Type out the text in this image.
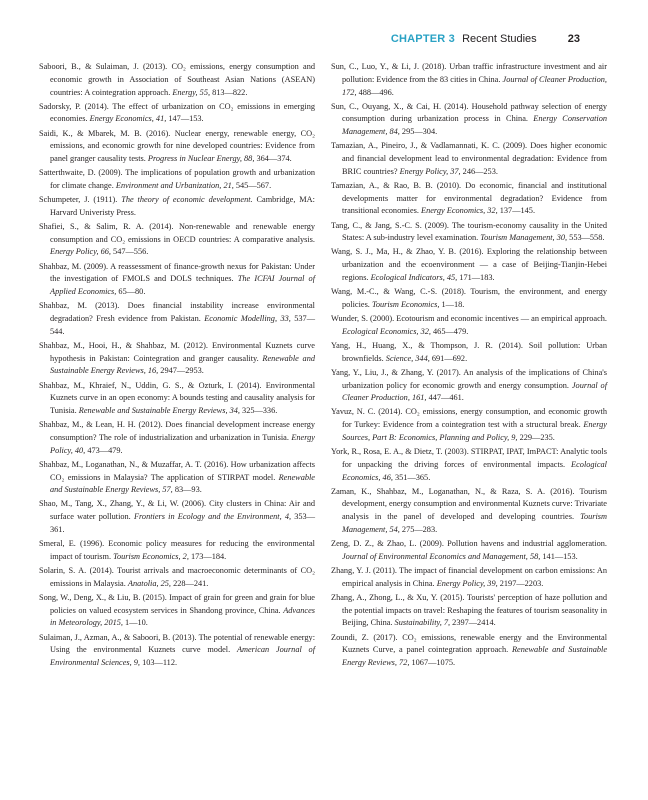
CHAPTER 3 Recent Studies	23

Saboori, B., & Sulaiman, J. (2013). CO₂ emissions, energy consumption and economic growth in Association of Southeast Asian Nations (ASEAN) countries: A cointegration approach. Energy, 55, 813—822.

Sadorsky, P. (2014). The effect of urbanization on CO₂ emissions in emerging economies. Energy Economics, 41, 147—153.

Saidi, K., & Mbarek, M. B. (2016). Nuclear energy, renewable energy, CO₂ emissions, and economic growth for nine developed countries: Evidence from panel granger causality tests. Progress in Nuclear Energy, 88, 364—374.

Satterthwaite, D. (2009). The implications of population growth and urbanization for climate change. Environment and Urbanization, 21, 545—567.

Schumpeter, J. (1911). The theory of economic development. Cambridge, MA: Harvard Univeristy Press.

Shafiei, S., & Salim, R. A. (2014). Non-renewable and renewable energy consumption and CO₂ emissions in OECD countries: A comparative analysis. Energy Policy, 66, 547—556.

Shahbaz, M. (2009). A reassessment of finance-growth nexus for Pakistan: Under the investigation of FMOLS and DOLS techniques. The ICFAI Journal of Applied Economics, 65—80.

Shahbaz, M. (2013). Does financial instability increase environmental degradation? Fresh evidence from Pakistan. Economic Modelling, 33, 537—544.

Shahbaz, M., Hooi, H., & Shahbaz, M. (2012). Environmental Kuznets curve hypothesis in Pakistan: Cointegration and granger causality. Renewable and Sustainable Energy Reviews, 16, 2947—2953.

Shahbaz, M., Khraief, N., Uddin, G. S., & Ozturk, I. (2014). Environmental Kuznets curve in an open economy: A bounds testing and causality analysis for Tunisia. Renewable and Sustainable Energy Reviews, 34, 325—336.

Shahbaz, M., & Lean, H. H. (2012). Does financial development increase energy consumption? The role of industrialization and urbanization in Tunisia. Energy Policy, 40, 473—479.

Shahbaz, M., Loganathan, N., & Muzaffar, A. T. (2016). How urbanization affects CO₂ emissions in Malaysia? The application of STIRPAT model. Renewable and Sustainable Energy Reviews, 57, 83—93.

Shao, M., Tang, X., Zhang, Y., & Li, W. (2006). City clusters in China: Air and surface water pollution. Frontiers in Ecology and the Environment, 4, 353—361.

Smeral, E. (1996). Economic policy measures for reducing the environmental impact of tourism. Tourism Economics, 2, 173—184.

Solarin, S. A. (2014). Tourist arrivals and macroeconomic determinants of CO₂ emissions in Malaysia. Anatolia, 25, 228—241.

Song, W., Deng, X., & Liu, B. (2015). Impact of grain for green and grain for blue policies on valued ecosystem services in Shandong province, China. Advances in Meteorology, 2015, 1—10.

Sulaiman, J., Azman, A., & Saboori, B. (2013). The potential of renewable energy: Using the environmental Kuznets curve model. American Journal of Environmental Sciences, 9, 103—112.

Sun, C., Luo, Y., & Li, J. (2018). Urban traffic infrastructure investment and air pollution: Evidence from the 83 cities in China. Journal of Cleaner Production, 172, 488—496.

Sun, C., Ouyang, X., & Cai, H. (2014). Household pathway selection of energy consumption during urbanization process in China. Energy Conservation Management, 84, 295—304.

Tamazian, A., Pineiro, J., & Vadlamannati, K. C. (2009). Does higher economic and financial development lead to environmental degradation: Evidence from BRIC countries? Energy Policy, 37, 246—253.

Tamazian, A., & Rao, B. B. (2010). Do economic, financial and institutional developments matter for environmental degradation? Evidence from transitional economies. Energy Economics, 32, 137—145.

Tang, C., & Jang, S.-C. S. (2009). The tourism-economy causality in the United States: A sub-industry level examination. Tourism Management, 30, 553—558.

Wang, S. J., Ma, H., & Zhao, Y. B. (2016). Exploring the relationship between urbanization and the ecoenvironment — a case of Beijing-Tianjin-Hebei regions. Ecological Indicators, 45, 171—183.

Wang, M.-C., & Wang, C.-S. (2018). Tourism, the environment, and energy policies. Tourism Economics, 1—18.

Wunder, S. (2000). Ecotourism and economic incentives — an empirical approach. Ecological Economics, 32, 465—479.

Yang, H., Huang, X., & Thompson, J. R. (2014). Soil pollution: Urban brownfields. Science, 344, 691—692.

Yang, Y., Liu, J., & Zhang, Y. (2017). An analysis of the implications of China's urbanization policy for economic growth and energy consumption. Journal of Cleaner Production, 161, 447—461.

Yavuz, N. C. (2014). CO₂ emissions, energy consumption, and economic growth for Turkey: Evidence from a cointegration test with a structural break. Energy Sources, Part B: Economics, Planning and Policy, 9, 229—235.

York, R., Rosa, E. A., & Dietz, T. (2003). STIRPAT, IPAT, ImPACT: Analytic tools for unpacking the driving forces of environmental impacts. Ecological Economics, 46, 351—365.

Zaman, K., Shahbaz, M., Loganathan, N., & Raza, S. A. (2016). Tourism development, energy consumption and environmental Kuznets curve: Trivariate analysis in the panel of developed and developing countries. Tourism Management, 54, 275—283.

Zeng, D. Z., & Zhao, L. (2009). Pollution havens and industrial agglomeration. Journal of Environmental Economics and Management, 58, 141—153.

Zhang, Y. J. (2011). The impact of financial development on carbon emissions: An empirical analysis in China. Energy Policy, 39, 2197—2203.

Zhang, A., Zhong, L., & Xu, Y. (2015). Tourists' perception of haze pollution and the potential impacts on travel: Reshaping the features of tourism seasonality in Beijing, China. Sustainability, 7, 2397—2414.

Zoundi, Z. (2017). CO₂ emissions, renewable energy and the Environmental Kuznets Curve, a panel cointegration approach. Renewable and Sustainable Energy Reviews, 72, 1067—1075.
